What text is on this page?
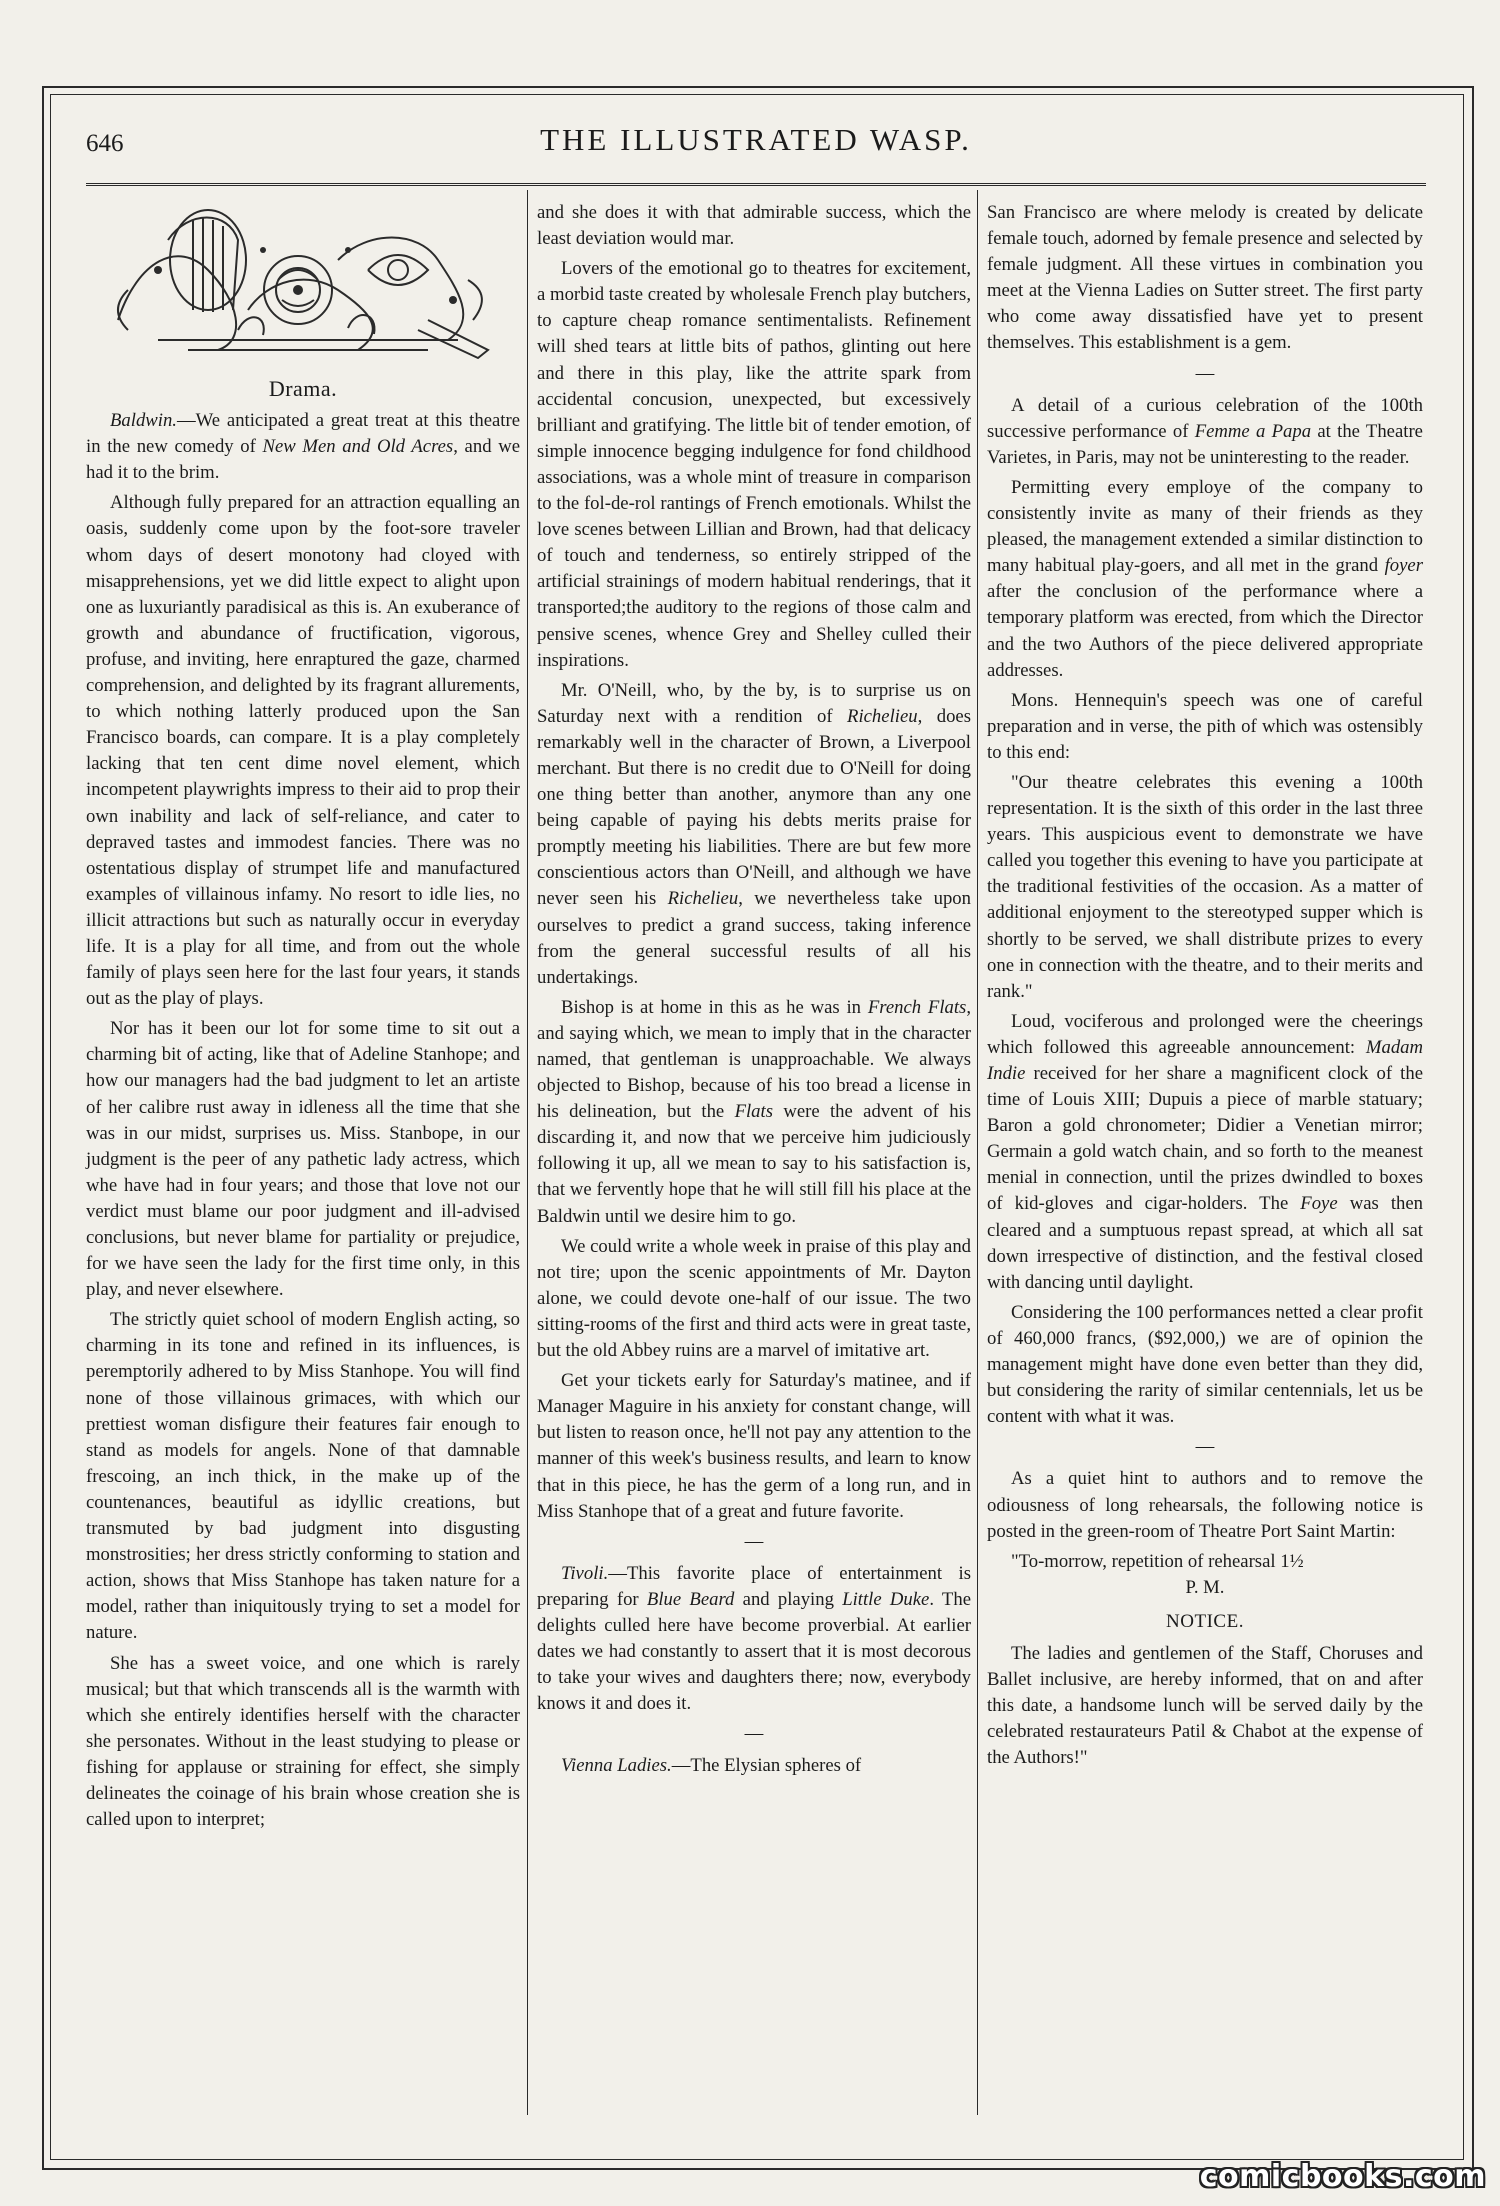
646	THE ILLUSTRATED WASP.
Drama.

Baldwin.—We anticipated a great treat at this theatre in the new comedy of New Men and Old Acres, and we had it to the brim.

Although fully prepared for an attraction equalling an oasis, suddenly come upon by the foot-sore traveler whom days of desert monotony had cloyed with misapprehensions, yet we did little expect to alight upon one as luxuriantly paradisical as this is. An exuberance of growth and abundance of fructification, vigorous, profuse, and inviting, here enraptured the gaze, charmed comprehension, and delighted by its fragrant allurements, to which nothing latterly produced upon the San Francisco boards, can compare. It is a play completely lacking that ten cent dime novel element, which incompetent playwrights impress to their aid to prop their own inability and lack of self-reliance, and cater to depraved tastes and immodest fancies. There was no ostentatious display of strumpet life and manufactured examples of villainous infamy. No resort to idle lies, no illicit attractions but such as naturally occur in everyday life. It is a play for all time, and from out the whole family of plays seen here for the last four years, it stands out as the play of plays.

Nor has it been our lot for some time to sit out a charming bit of acting, like that of Adeline Stanhope; and how our managers had the bad judgment to let an artiste of her calibre rust away in idleness all the time that she was in our midst, surprises us. Miss. Stanbope, in our judgment is the peer of any pathetic lady actress, which whe have had in four years; and those that love not our verdict must blame our poor judgment and ill-advised conclusions, but never blame for partiality or prejudice, for we have seen the lady for the first time only, in this play, and never elsewhere.

The strictly quiet school of modern English acting, so charming in its tone and refined in its influences, is peremptorily adhered to by Miss Stanhope. You will find none of those villainous grimaces, with which our prettiest woman disfigure their features fair enough to stand as models for angels. None of that damnable frescoing, an inch thick, in the make up of the countenances, beautiful as idyllic creations, but transmuted by bad judgment into disgusting monstrosities; her dress strictly conforming to station and action, shows that Miss Stanhope has taken nature for a model, rather than iniquitously trying to set a model for nature.

She has a sweet voice, and one which is rarely musical; but that which transcends all is the warmth with which she entirely identifies herself with the character she personates. Without in the least studying to please or fishing for applause or straining for effect, she simply delineates the coinage of his brain whose creation she is called upon to interpret;

and she does it with that admirable success, which the least deviation would mar.

Lovers of the emotional go to theatres for excitement, a morbid taste created by wholesale French play butchers, to capture cheap romance sentimentalists. Refinement will shed tears at little bits of pathos, glinting out here and there in this play, like the attrite spark from accidental concusion, unexpected, but excessively brilliant and gratifying. The little bit of tender emotion, of simple innocence begging indulgence for fond childhood associations, was a whole mint of treasure in comparison to the fol-de-rol rantings of French emotionals. Whilst the love scenes between Lillian and Brown, had that delicacy of touch and tenderness, so entirely stripped of the artificial strainings of modern habitual renderings, that it transported;the auditory to the regions of those calm and pensive scenes, whence Grey and Shelley culled their inspirations.

Mr. O'Neill, who, by the by, is to surprise us on Saturday next with a rendition of Richelieu, does remarkably well in the character of Brown, a Liverpool merchant. But there is no credit due to O'Neill for doing one thing better than another, anymore than any one being capable of paying his debts merits praise for promptly meeting his liabilities. There are but few more conscientious actors than O'Neill, and although we have never seen his Richelieu, we nevertheless take upon ourselves to predict a grand success, taking inference from the general successful results of all his undertakings.

Bishop is at home in this as he was in French Flats, and saying which, we mean to imply that in the character named, that gentleman is unapproachable. We always objected to Bishop, because of his too bread a license in his delineation, but the Flats were the advent of his discarding it, and now that we perceive him judiciously following it up, all we mean to say to his satisfaction is, that we fervently hope that he will still fill his place at the Baldwin until we desire him to go.

We could write a whole week in praise of this play and not tire; upon the scenic appointments of Mr. Dayton alone, we could devote one-half of our issue. The two sitting-rooms of the first and third acts were in great taste, but the old Abbey ruins are a marvel of imitative art.

Get your tickets early for Saturday's matinee, and if Manager Maguire in his anxiety for constant change, will but listen to reason once, he'll not pay any attention to the manner of this week's business results, and learn to know that in this piece, he has the germ of a long run, and in Miss Stanhope that of a great and future favorite.

—

Tivoli.—This favorite place of entertainment is preparing for Blue Beard and playing Little Duke. The delights culled here have become proverbial. At earlier dates we had constantly to assert that it is most decorous to take your wives and daughters there; now, everybody knows it and does it.

—

Vienna Ladies.—The Elysian spheres of

San Francisco are where melody is created by delicate female touch, adorned by female presence and selected by female judgment. All these virtues in combination you meet at the Vienna Ladies on Sutter street. The first party who come away dissatisfied have yet to present themselves. This establishment is a gem.

—

A detail of a curious celebration of the 100th successive performance of Femme a Papa at the Theatre Varietes, in Paris, may not be uninteresting to the reader.

Permitting every employe of the company to consistently invite as many of their friends as they pleased, the management extended a similar distinction to many habitual play-goers, and all met in the grand foyer after the conclusion of the performance where a temporary platform was erected, from which the Director and the two Authors of the piece delivered appropriate addresses.

Mons. Hennequin's speech was one of careful preparation and in verse, the pith of which was ostensibly to this end:

"Our theatre celebrates this evening a 100th representation. It is the sixth of this order in the last three years. This auspicious event to demonstrate we have called you together this evening to have you participate at the traditional festivities of the occasion. As a matter of additional enjoyment to the stereotyped supper which is shortly to be served, we shall distribute prizes to every one in connection with the theatre, and to their merits and rank."

Loud, vociferous and prolonged were the cheerings which followed this agreeable announcement: Madam Indie received for her share a magnificent clock of the time of Louis XIII; Dupuis a piece of marble statuary; Baron a gold chronometer; Didier a Venetian mirror; Germain a gold watch chain, and so forth to the meanest menial in connection, until the prizes dwindled to boxes of kid-gloves and cigar-holders. The Foye was then cleared and a sumptuous repast spread, at which all sat down irrespective of distinction, and the festival closed with dancing until daylight.

Considering the 100 performances netted a clear profit of 460,000 francs, ($92,000,) we are of opinion the management might have done even better than they did, but considering the rarity of similar centennials, let us be content with what it was.

—

As a quiet hint to authors and to remove the odiousness of long rehearsals, the following notice is posted in the green-room of Theatre Port Saint Martin:

"To-morrow, repetition of rehearsal 1½

P. M.
NOTICE.

The ladies and gentlemen of the Staff, Choruses and Ballet inclusive, are hereby informed, that on and after this date, a handsome lunch will be served daily by the celebrated restaurateurs Patil & Chabot at the expense of the Authors!"

comicbooks.com
